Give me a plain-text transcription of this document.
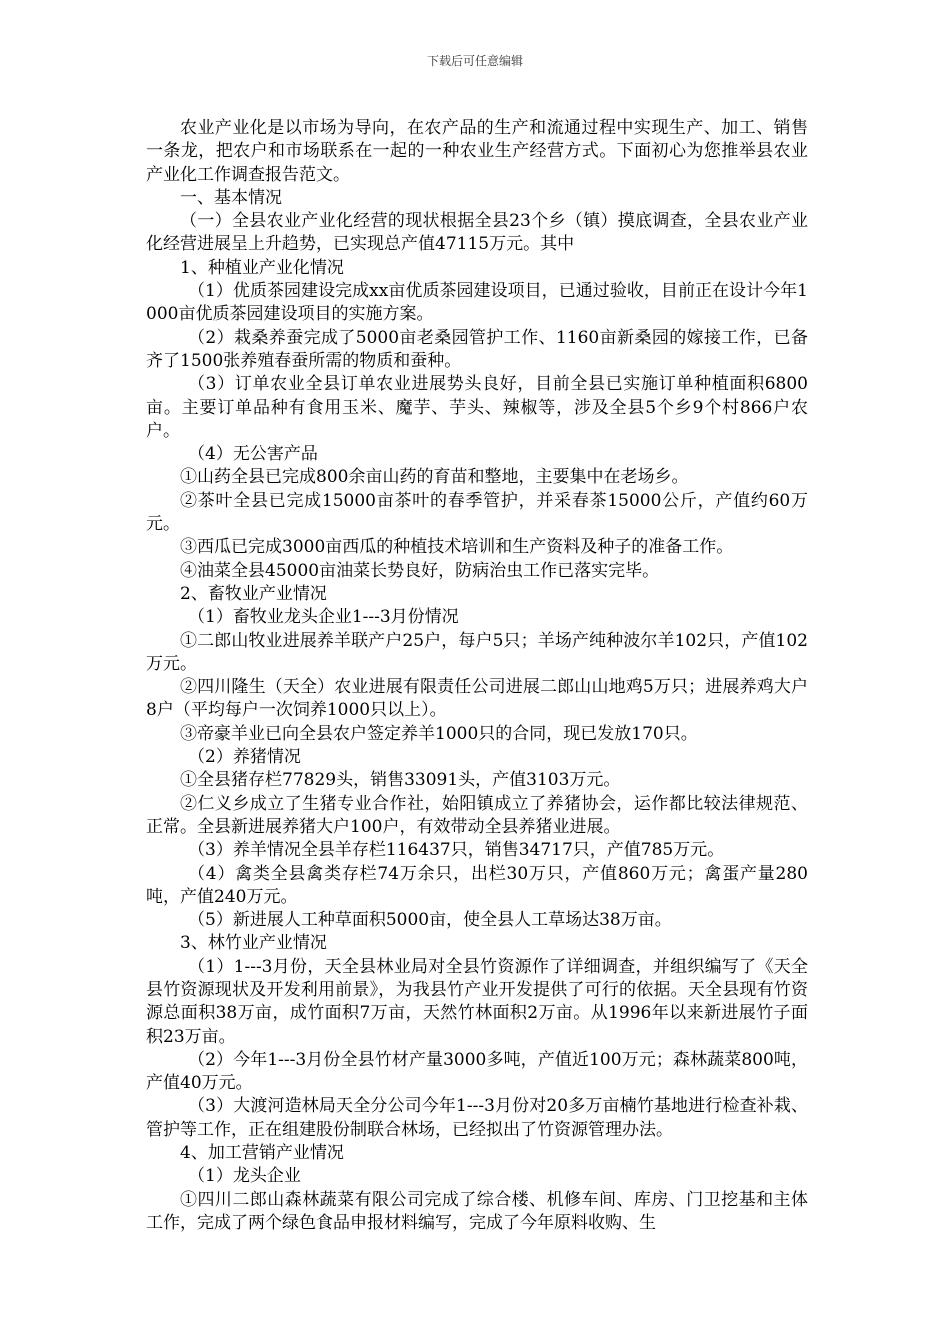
下载后可任意编辑

农业产业化是以市场为导向，在农产品的生产和流通过程中实现生产、加工、销售一条龙，把农户和市场联系在一起的一种农业生产经营方式。下面初心为您推举县农业产业化工作调查报告范文。

一、基本情况

（一）全县农业产业化经营的现状根据全县23个乡（镇）摸底调查，全县农业产业化经营进展呈上升趋势，已实现总产值47115万元。其中

1、种植业产业化情况

（1）优质茶园建设完成xx亩优质茶园建设项目，已通过验收，目前正在设计今年1000亩优质茶园建设项目的实施方案。

（2）栽桑养蚕完成了5000亩老桑园管护工作、1160亩新桑园的嫁接工作，已备齐了1500张养殖春蚕所需的物质和蚕种。

（3）订单农业全县订单农业进展势头良好，目前全县已实施订单种植面积6800亩。主要订单品种有食用玉米、魔芋、芋头、辣椒等，涉及全县5个乡9个村866户农户。

（4）无公害产品

①山药全县已完成800余亩山药的育苗和整地，主要集中在老场乡。

②茶叶全县已完成15000亩茶叶的春季管护，并采春茶15000公斤，产值约60万元。

③西瓜已完成3000亩西瓜的种植技术培训和生产资料及种子的准备工作。

④油菜全县45000亩油菜长势良好，防病治虫工作已落实完毕。

2、畜牧业产业情况

（1）畜牧业龙头企业1---3月份情况

①二郎山牧业进展养羊联产户25户，每户5只；羊场产纯种波尔羊102只，产值102万元。

②四川隆生（天全）农业进展有限责任公司进展二郎山山地鸡5万只；进展养鸡大户8户（平均每户一次饲养1000只以上）。

③帝豪羊业已向全县农户签定养羊1000只的合同，现已发放170只。

（2）养猪情况

①全县猪存栏77829头，销售33091头，产值3103万元。

②仁义乡成立了生猪专业合作社，始阳镇成立了养猪协会，运作都比较法律规范、正常。全县新进展养猪大户100户，有效带动全县养猪业进展。

（3）养羊情况全县羊存栏116437只，销售34717只，产值785万元。

（4）禽类全县禽类存栏74万余只，出栏30万只，产值860万元；禽蛋产量280吨，产值240万元。

（5）新进展人工种草面积5000亩，使全县人工草场达38万亩。

3、林竹业产业情况

（1）1---3月份，天全县林业局对全县竹资源作了详细调查，并组织编写了《天全县竹资源现状及开发利用前景》，为我县竹产业开发提供了可行的依据。天全县现有竹资源总面积38万亩，成竹面积7万亩，天然竹林面积2万亩。从1996年以来新进展竹子面积23万亩。

（2）今年1---3月份全县竹材产量3000多吨，产值近100万元；森林蔬菜800吨，产值40万元。

（3）大渡河造林局天全分公司今年1---3月份对20多万亩楠竹基地进行检查补栽、管护等工作，正在组建股份制联合林场，已经拟出了竹资源管理办法。

4、加工营销产业情况

（1）龙头企业

①四川二郎山森林蔬菜有限公司完成了综合楼、机修车间、库房、门卫挖基和主体工作，完成了两个绿色食品申报材料编写，完成了今年原料收购、生
